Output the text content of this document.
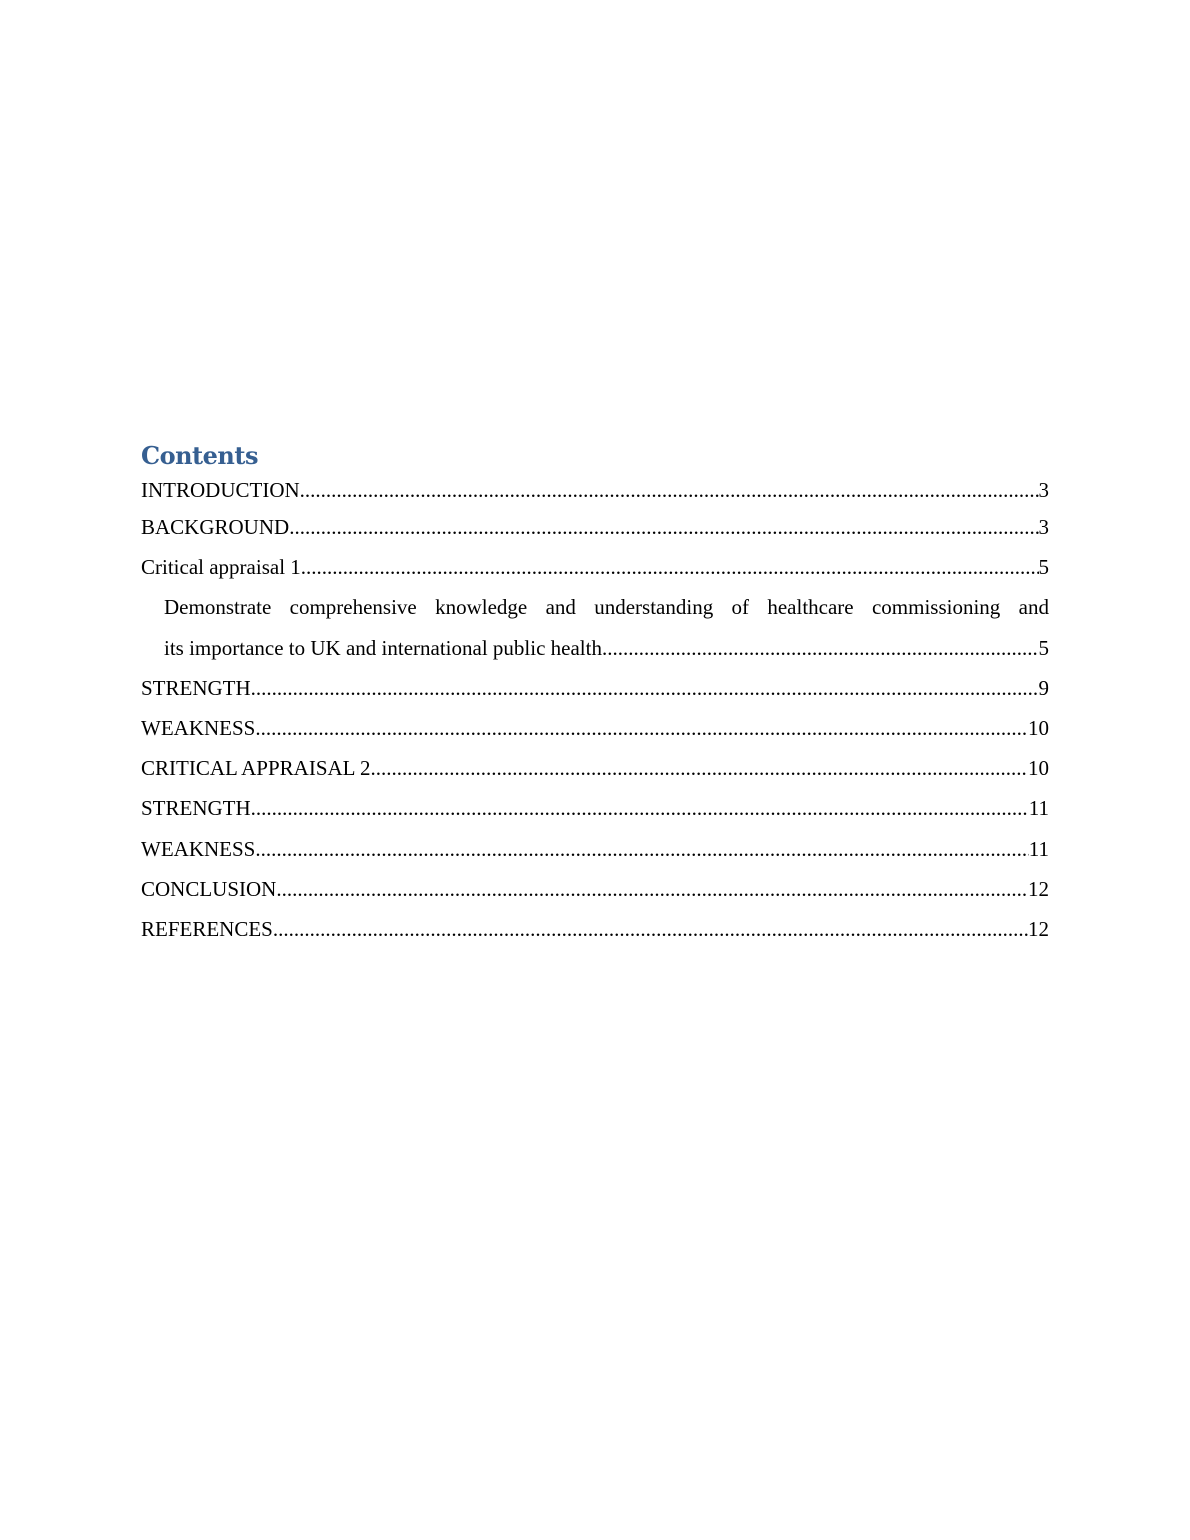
Contents
INTRODUCTION .....	3
BACKGROUND .....	3
Critical appraisal 1 .....	5
Demonstrate comprehensive knowledge and understanding of healthcare commissioning and
its importance to UK and international public health. .....	5
STRENGTH. .....	9
WEAKNESS. .....	10
CRITICAL APPRAISAL 2 .....	10
STRENGTH. .....	11
WEAKNESS. .....	11
CONCLUSION .....	12
REFERENCES .....	12
